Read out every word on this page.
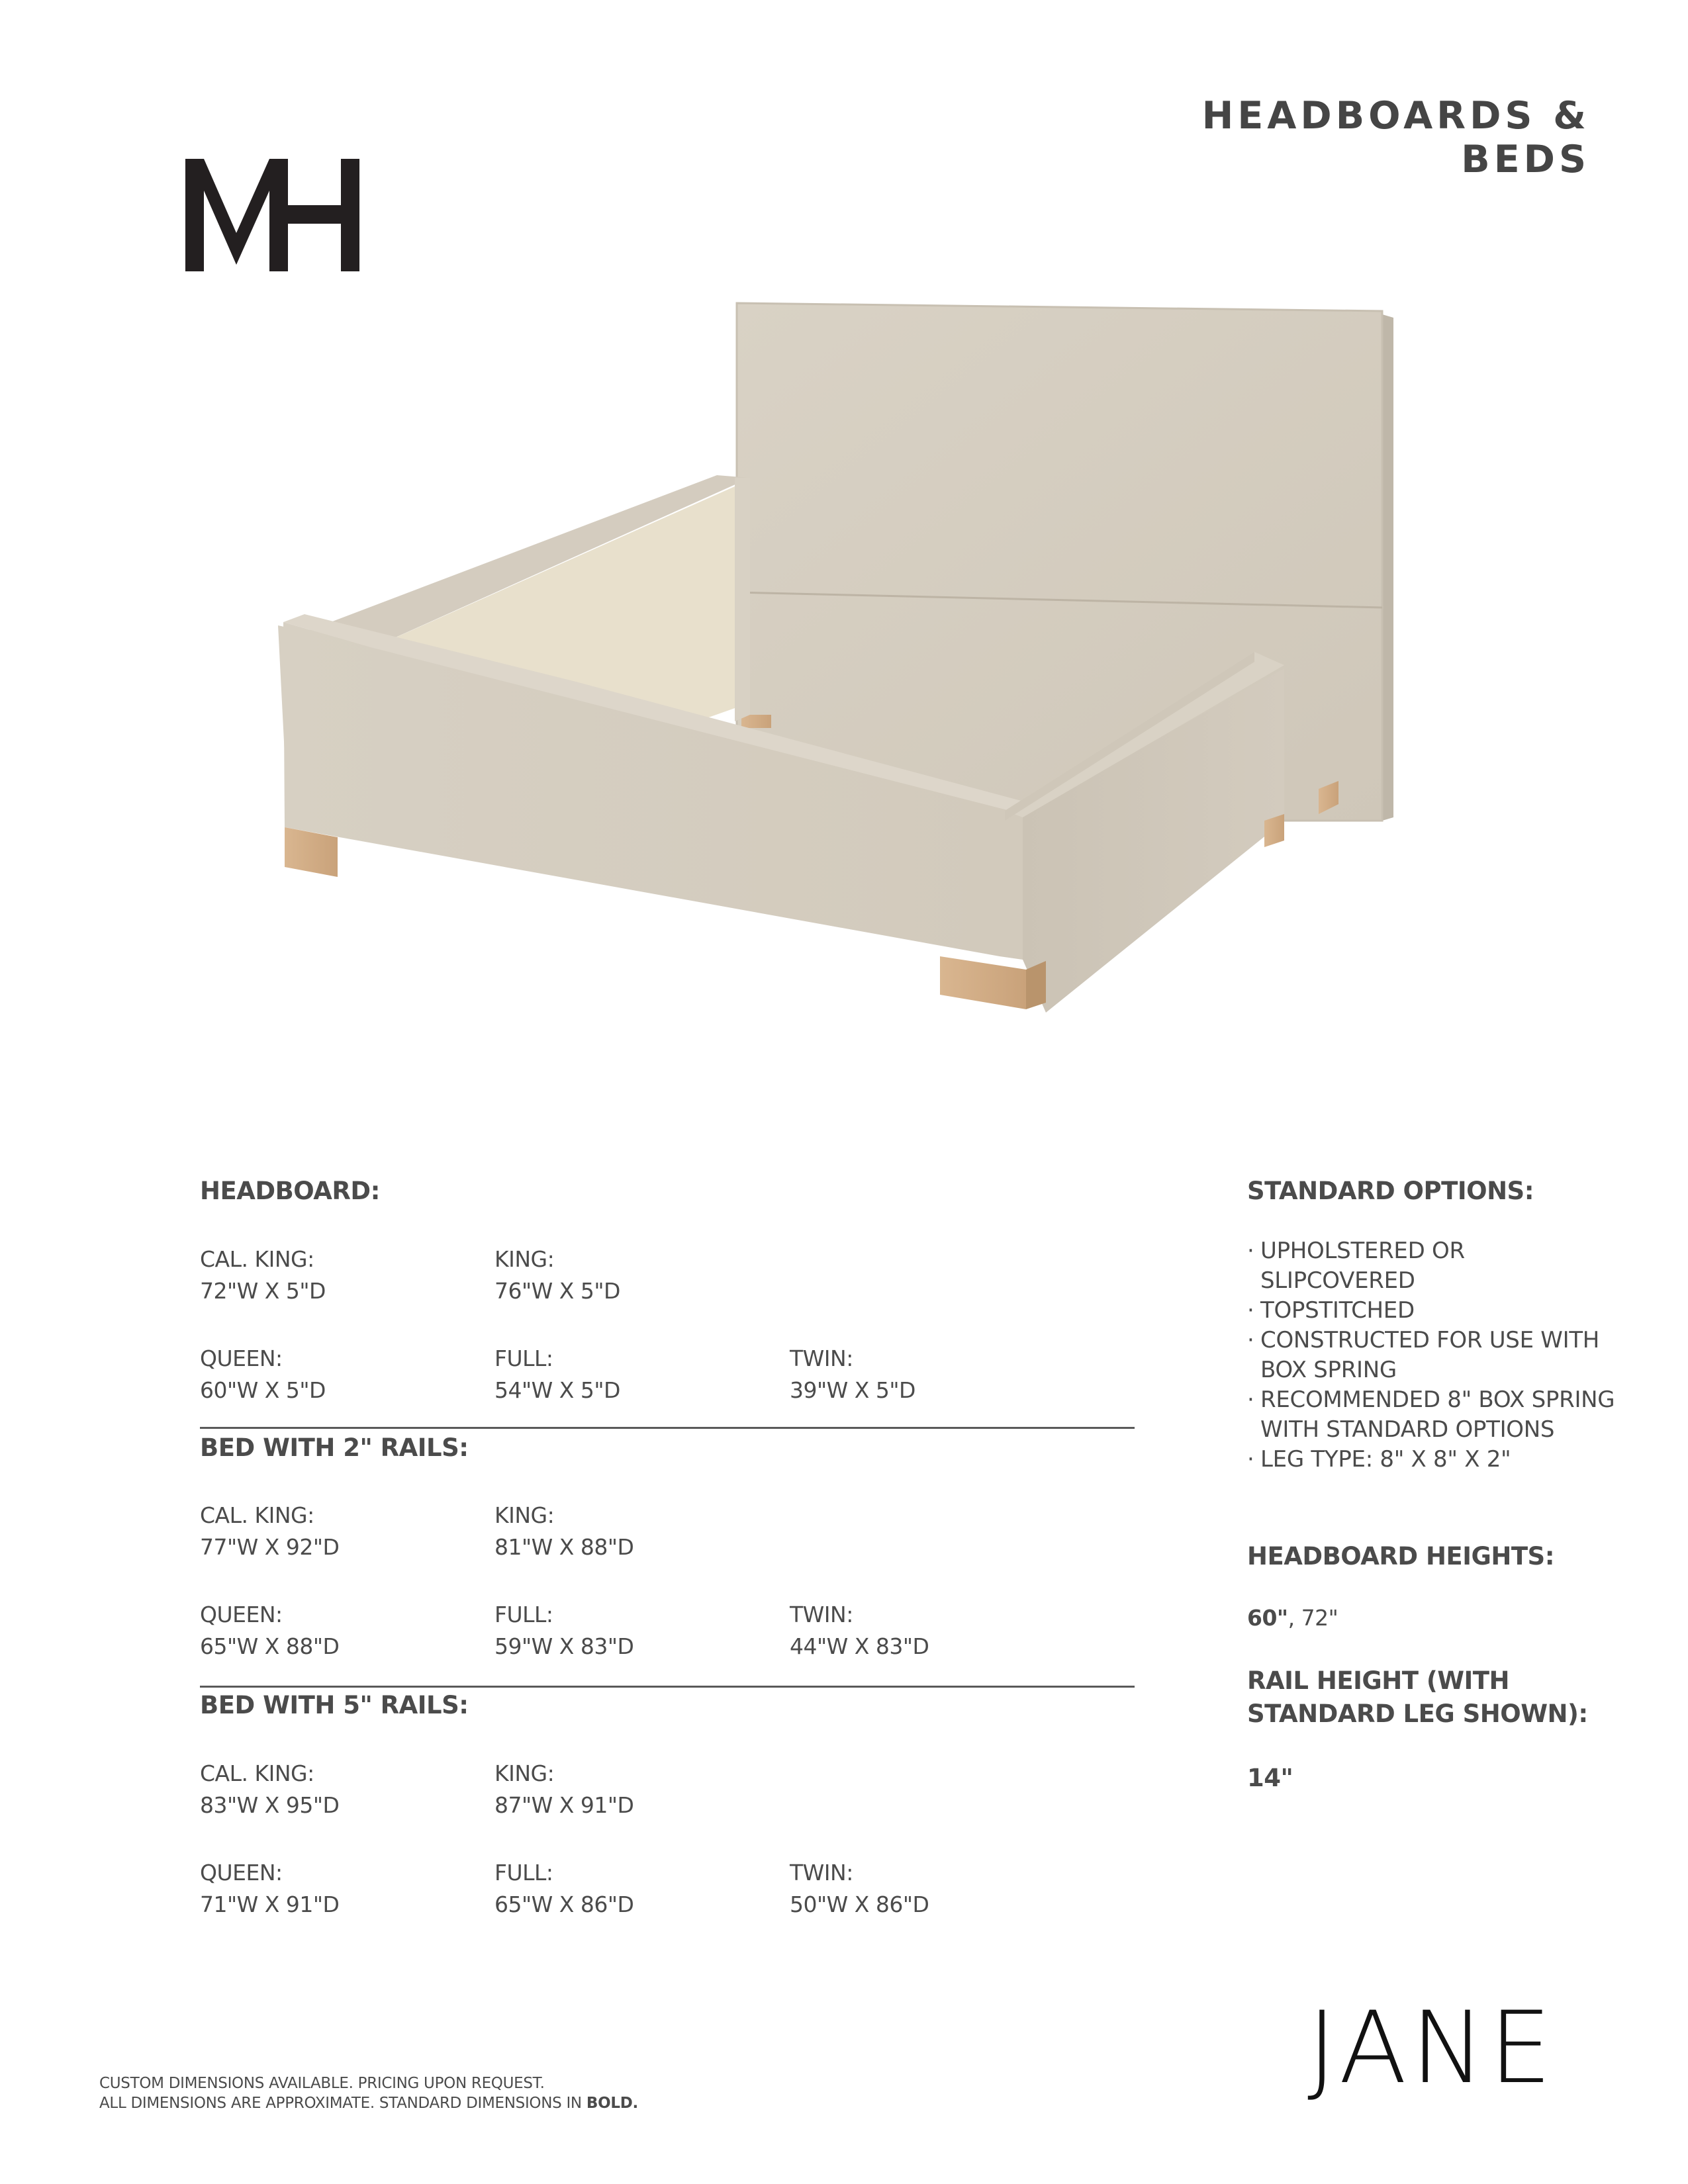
HEADBOARDS & BEDS
HEADBOARD:
CAL. KING:
72"W X 5"D
KING:
76"W X 5"D
QUEEN:
60"W X 5"D
FULL:
54"W X 5"D
TWIN:
39"W X 5"D
BED WITH 2" RAILS:
CAL. KING:
77"W X 92"D
KING:
81"W X 88"D
QUEEN:
65"W X 88"D
FULL:
59"W X 83"D
TWIN:
44"W X 83"D
BED WITH 5" RAILS:
CAL. KING:
83"W X 95"D
KING:
87"W X 91"D
QUEEN:
71"W X 91"D
FULL:
65"W X 86"D
TWIN:
50"W X 86"D
STANDARD OPTIONS:
· UPHOLSTERED OR SLIPCOVERED
· TOPSTITCHED
· CONSTRUCTED FOR USE WITH BOX SPRING
· RECOMMENDED 8" BOX SPRING WITH STANDARD OPTIONS
· LEG TYPE: 8" X 8" X 2"
HEADBOARD HEIGHTS:
60", 72"
RAIL HEIGHT (WITH
STANDARD LEG SHOWN):
14"
JANE
CUSTOM DIMENSIONS AVAILABLE. PRICING UPON REQUEST.
ALL DIMENSIONS ARE APPROXIMATE. STANDARD DIMENSIONS IN BOLD.
